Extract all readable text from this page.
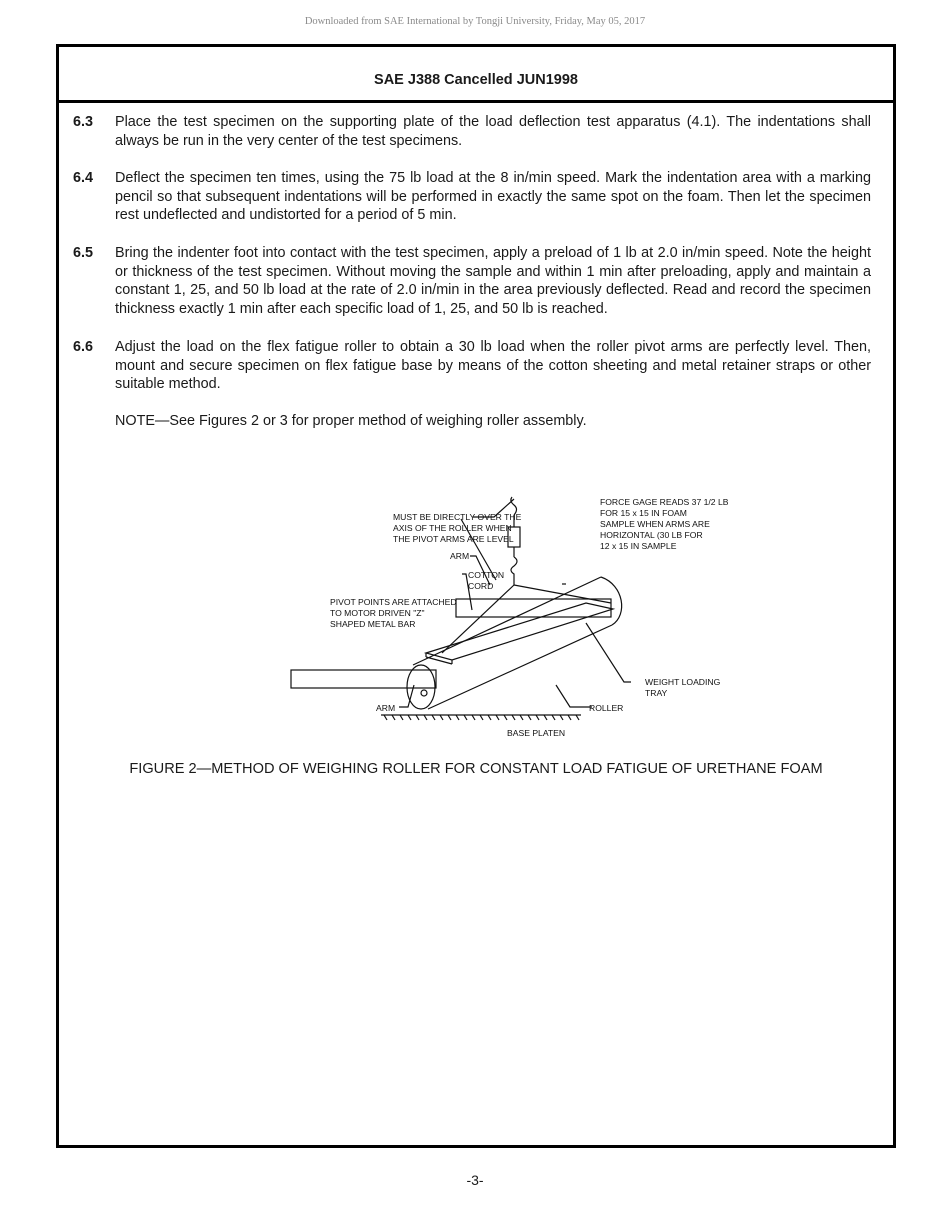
Downloaded from SAE International by Tongji University, Friday, May 05, 2017
SAE J388 Cancelled JUN1998
6.3	Place the test specimen on the supporting plate of the load deflection test apparatus (4.1). The indentations shall always be run in the very center of the test specimens.
6.4	Deflect the specimen ten times, using the 75 lb load at the 8 in/min speed. Mark the indentation area with a marking pencil so that subsequent indentations will be performed in exactly the same spot on the foam. Then let the specimen rest undeflected and undistorted for a period of 5 min.
6.5	Bring the indenter foot into contact with the test specimen, apply a preload of 1 lb at 2.0 in/min speed. Note the height or thickness of the test specimen. Without moving the sample and within 1 min after preloading, apply and maintain a constant 1, 25, and 50 lb load at the rate of 2.0 in/min in the area previously deflected. Read and record the specimen thickness exactly 1 min after each specific load of 1, 25, and 50 lb is reached.
6.6	Adjust the load on the flex fatigue roller to obtain a 30 lb load when the roller pivot arms are perfectly level. Then, mount and secure specimen on flex fatigue base by means of the cotton sheeting and metal retainer straps or other suitable method.
NOTE—See Figures 2 or 3 for proper method of weighing roller assembly.
FORCE GAGE READS 37 1/2 LB
FOR 15 x 15 IN FOAM
SAMPLE WHEN ARMS ARE
HORIZONTAL (30 LB FOR
12 x 15 IN SAMPLE
MUST BE DIRECTLY OVER THE
AXIS OF THE ROLLER WHEN
THE PIVOT ARMS ARE LEVEL
ARM
COTTON
CORD
PIVOT POINTS ARE ATTACHED
TO MOTOR DRIVEN "Z"
SHAPED METAL BAR
WEIGHT LOADING
TRAY
ROLLER
ARM
BASE PLATEN
FIGURE 2—METHOD OF WEIGHING ROLLER FOR CONSTANT LOAD FATIGUE OF URETHANE FOAM
-3-
